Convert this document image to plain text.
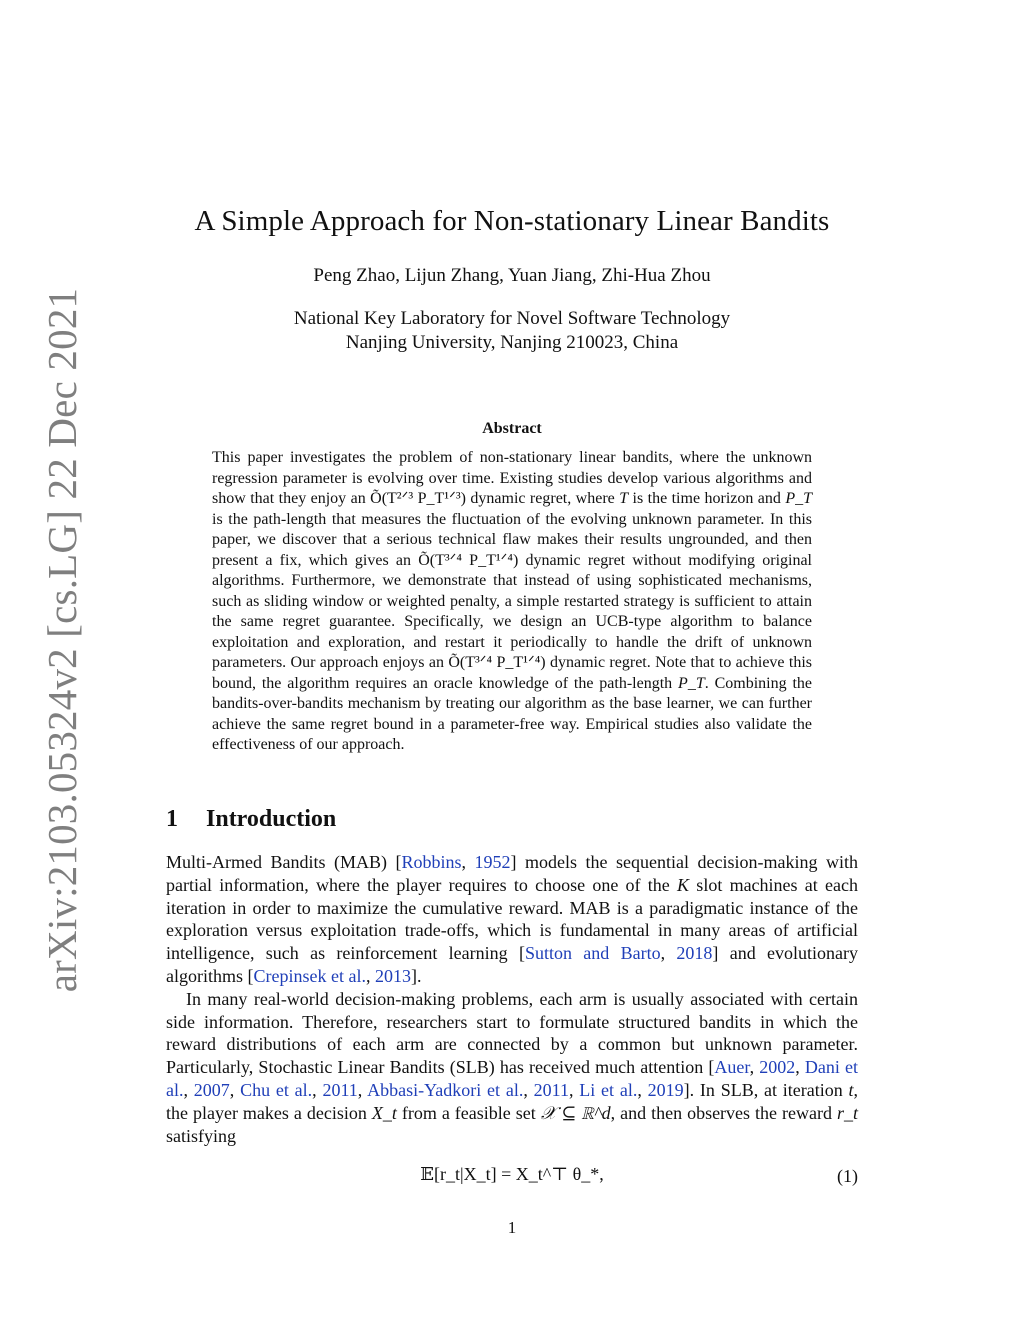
arXiv:2103.05324v2 [cs.LG] 22 Dec 2021
A Simple Approach for Non-stationary Linear Bandits
Peng Zhao, Lijun Zhang, Yuan Jiang, Zhi-Hua Zhou
National Key Laboratory for Novel Software Technology
Nanjing University, Nanjing 210023, China
Abstract

This paper investigates the problem of non-stationary linear bandits, where the unknown regression parameter is evolving over time. Existing studies develop various algorithms and show that they enjoy an Õ(T²ᐟ³ P_T¹ᐟ³) dynamic regret, where T is the time horizon and P_T is the path-length that measures the fluctuation of the evolving unknown parameter. In this paper, we discover that a serious technical flaw makes their results ungrounded, and then present a fix, which gives an Õ(T³ᐟ⁴ P_T¹ᐟ⁴) dynamic regret without modifying original algorithms. Furthermore, we demonstrate that instead of using sophisticated mechanisms, such as sliding window or weighted penalty, a simple restarted strategy is sufficient to attain the same regret guarantee. Specifically, we design an UCB-type algorithm to balance exploitation and exploration, and restart it periodically to handle the drift of unknown parameters. Our approach enjoys an Õ(T³ᐟ⁴ P_T¹ᐟ⁴) dynamic regret. Note that to achieve this bound, the algorithm requires an oracle knowledge of the path-length P_T. Combining the bandits-over-bandits mechanism by treating our algorithm as the base learner, we can further achieve the same regret bound in a parameter-free way. Empirical studies also validate the effectiveness of our approach.

1 Introduction

Multi-Armed Bandits (MAB) [Robbins, 1952] models the sequential decision-making with partial information, where the player requires to choose one of the K slot machines at each iteration in order to maximize the cumulative reward. MAB is a paradigmatic instance of the exploration versus exploitation trade-offs, which is fundamental in many areas of artificial intelligence, such as reinforcement learning [Sutton and Barto, 2018] and evolutionary algorithms [Crepinsek et al., 2013].

In many real-world decision-making problems, each arm is usually associated with certain side information. Therefore, researchers start to formulate structured bandits in which the reward distributions of each arm are connected by a common but unknown parameter. Particularly, Stochastic Linear Bandits (SLB) has received much attention [Auer, 2002, Dani et al., 2007, Chu et al., 2011, Abbasi-Yadkori et al., 2011, Li et al., 2019]. In SLB, at iteration t, the player makes a decision X_t from a feasible set 𝒳 ⊆ ℝ^d, and then observes the reward r_t satisfying

𝔼[r_t|X_t] = X_t^⊤ θ_*,	(1)
1
